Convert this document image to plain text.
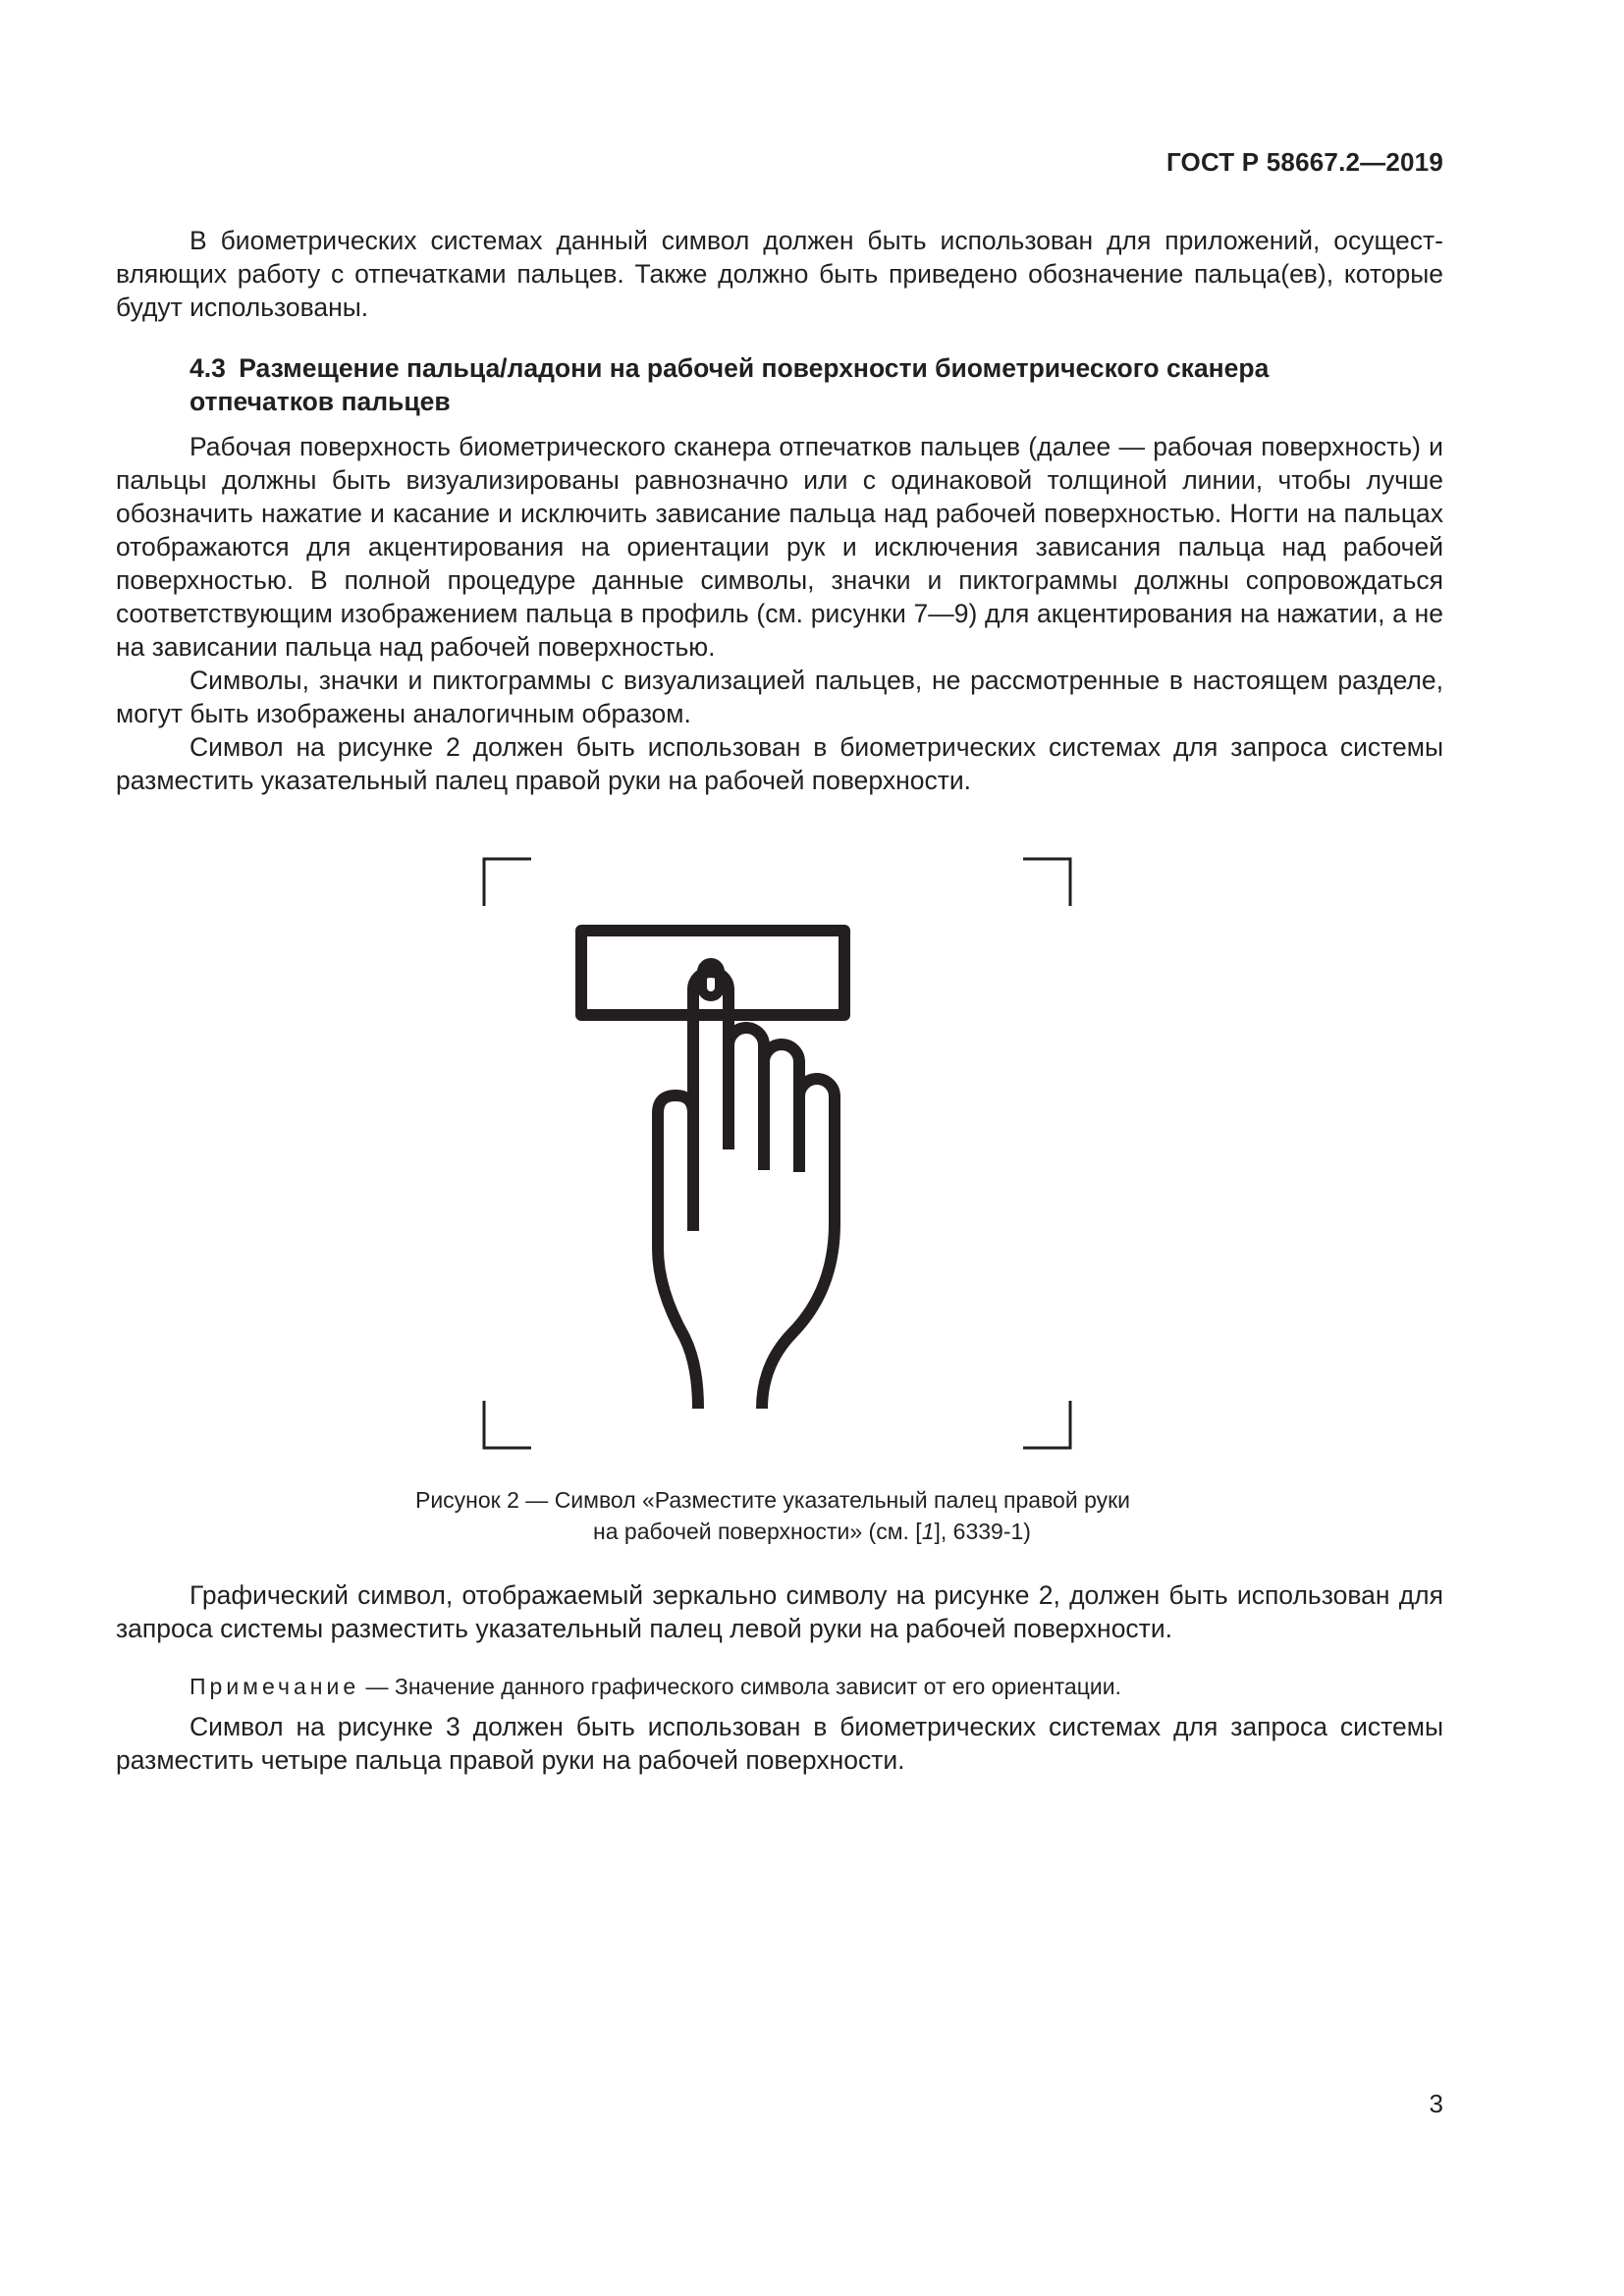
ГОСТ Р 58667.2—2019

В биометрических системах данный символ должен быть использован для приложений, осуществляющих работу с отпечатками пальцев. Также должно быть приведено обозначение пальца(ев), которые будут использованы.

4.3 Размещение пальца/ладони на рабочей поверхности биометрического сканера отпечатков пальцев

Рабочая поверхность биометрического сканера отпечатков пальцев (далее — рабочая поверхность) и пальцы должны быть визуализированы равнозначно или с одинаковой толщиной линии, чтобы лучше обозначить нажатие и касание и исключить зависание пальца над рабочей поверхностью. Ногти на пальцах отображаются для акцентирования на ориентации рук и исключения зависания пальца над рабочей поверхностью. В полной процедуре данные символы, значки и пиктограммы должны сопровождаться соответствующим изображением пальца в профиль (см. рисунки 7—9) для акцентирования на нажатии, а не на зависании пальца над рабочей поверхностью.

Символы, значки и пиктограммы с визуализацией пальцев, не рассмотренные в настоящем разделе, могут быть изображены аналогичным образом.

Символ на рисунке 2 должен быть использован в биометрических системах для запроса системы разместить указательный палец правой руки на рабочей поверхности.

Рисунок 2 — Символ «Разместите указательный палец правой руки
на рабочей поверхности» (см. [1], 6339-1)

Графический символ, отображаемый зеркально символу на рисунке 2, должен быть использован для запроса системы разместить указательный палец левой руки на рабочей поверхности.

Примечание — Значение данного графического символа зависит от его ориентации.

Символ на рисунке 3 должен быть использован в биометрических системах для запроса системы разместить четыре пальца правой руки на рабочей поверхности.

3
